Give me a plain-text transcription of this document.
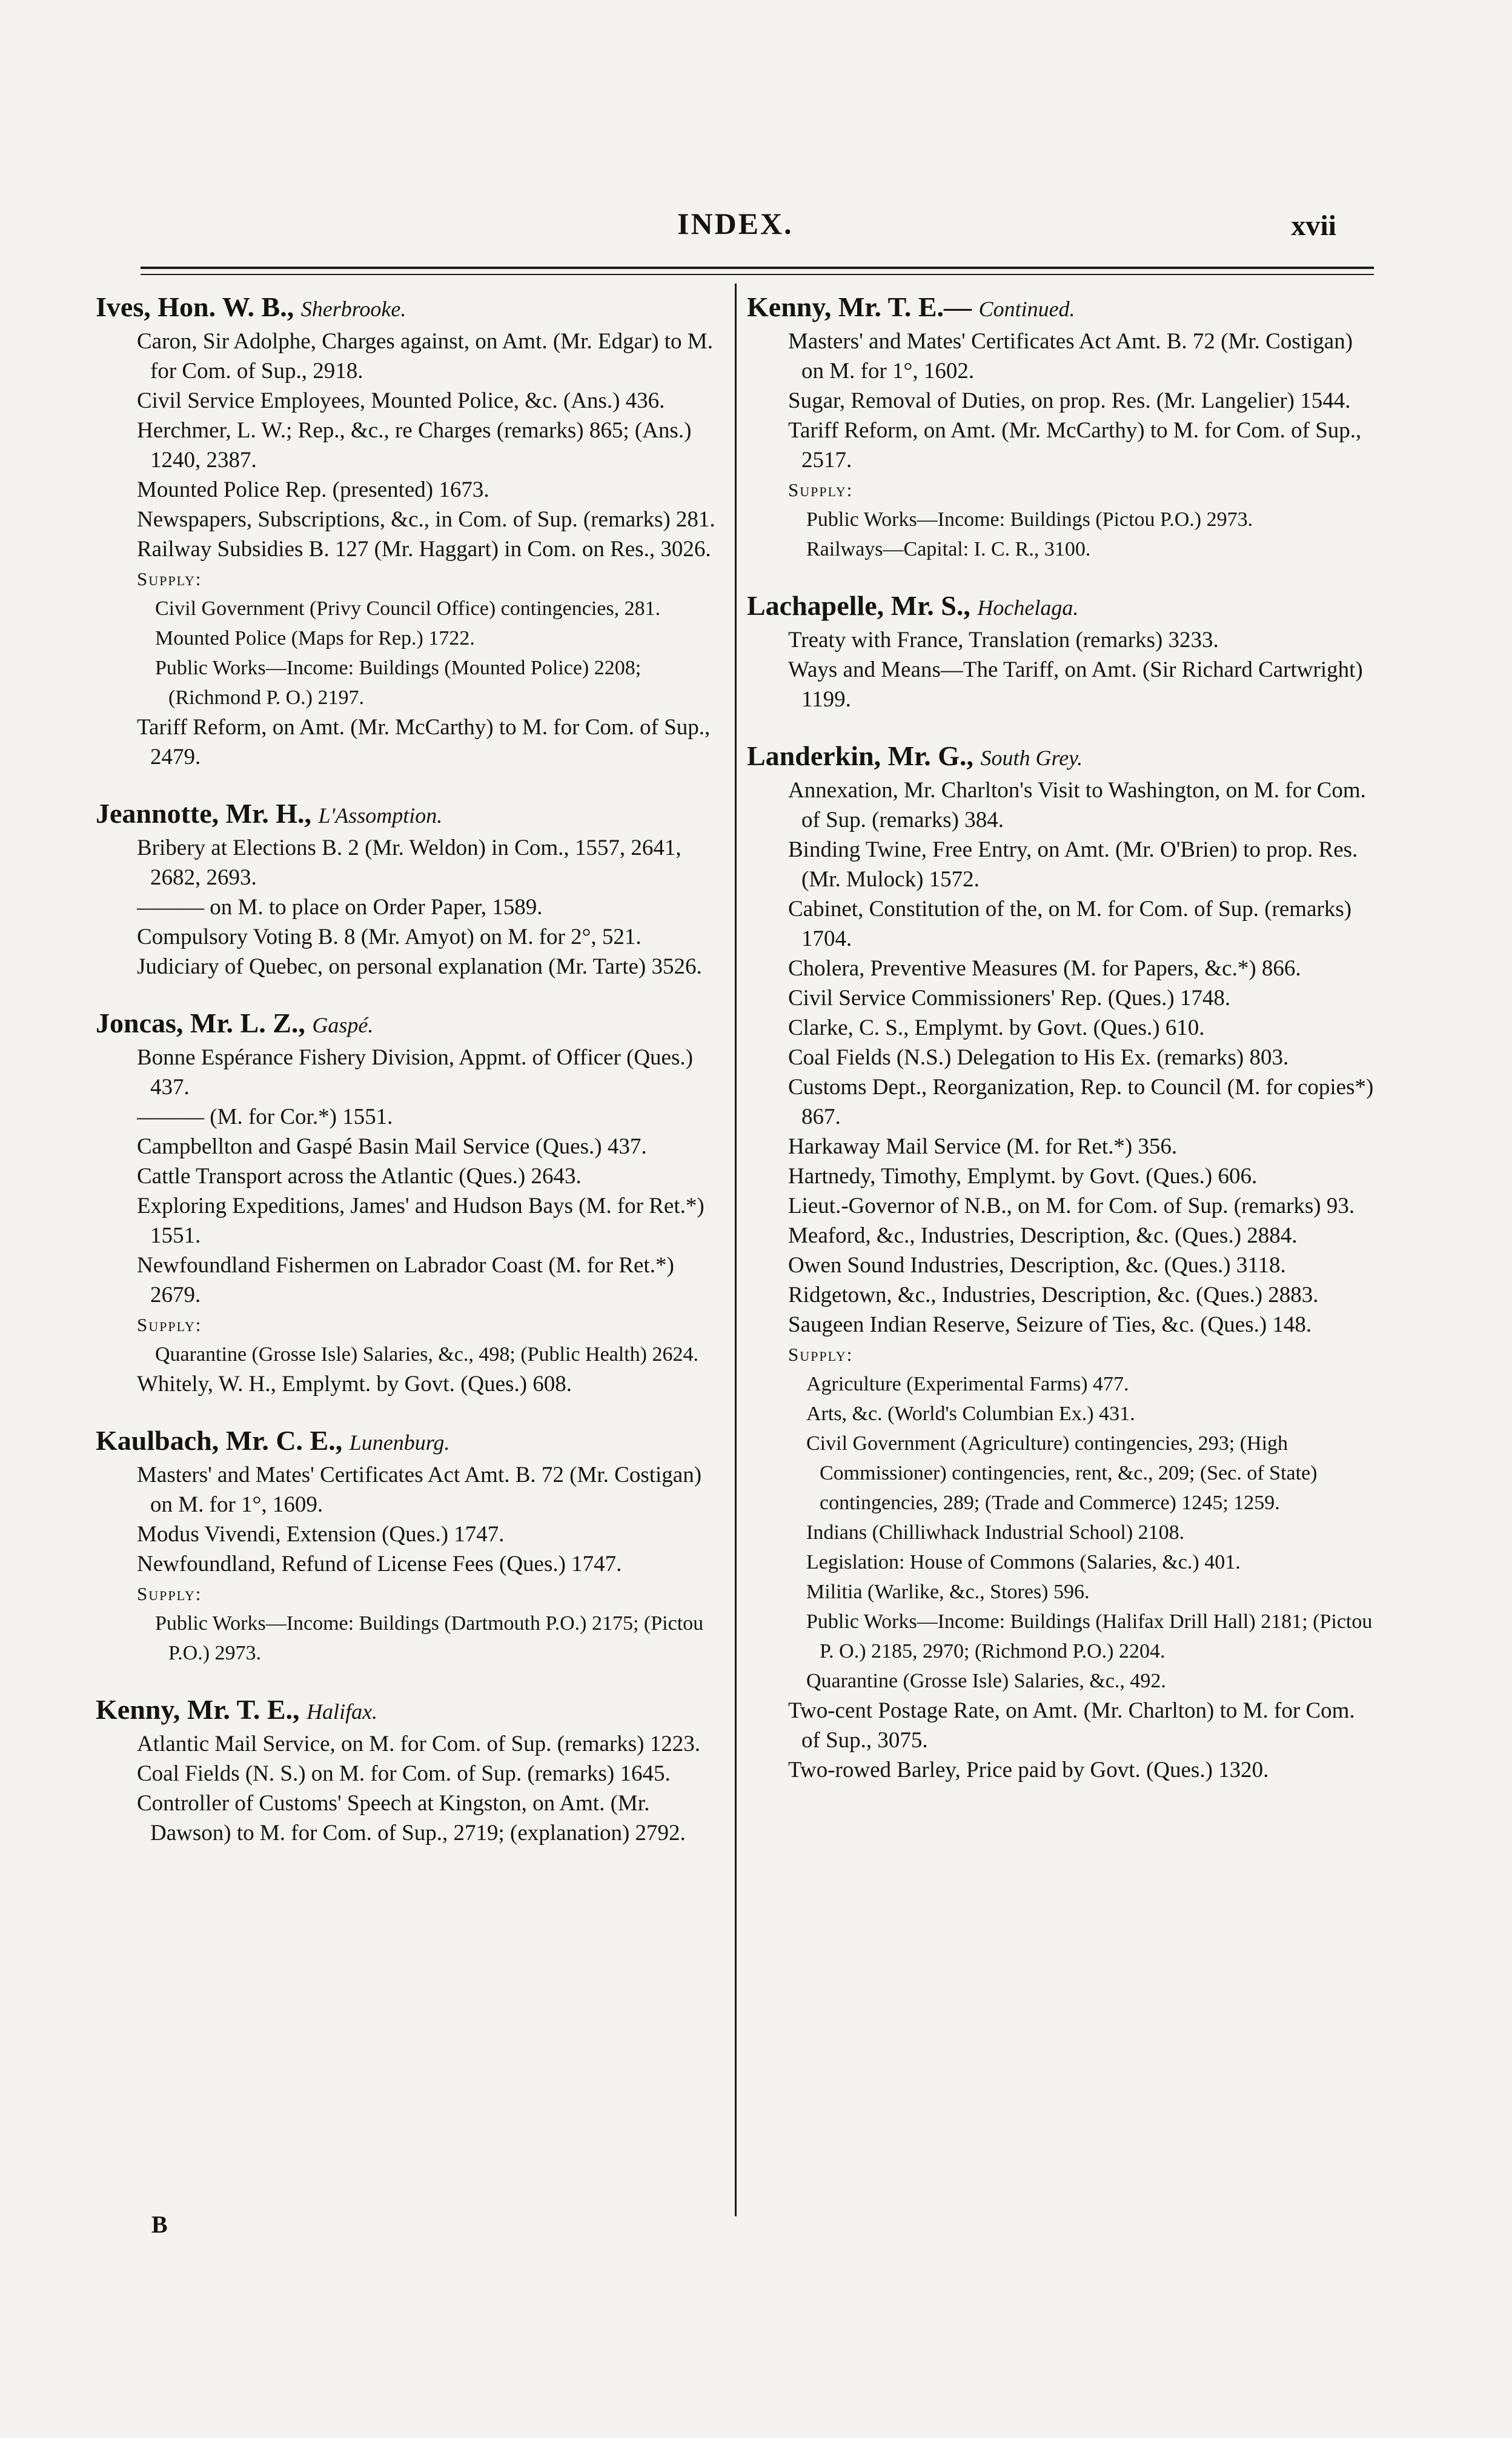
INDEX.	xvii
Ives, Hon. W. B., Sherbrooke.
Caron, Sir Adolphe, Charges against, on Amt. (Mr. Edgar) to M. for Com. of Sup., 2918.
Civil Service Employees, Mounted Police, &c. (Ans.) 436.
Herchmer, L. W.; Rep., &c., re Charges (remarks) 865; (Ans.) 1240, 2387.
Mounted Police Rep. (presented) 1673.
Newspapers, Subscriptions, &c., in Com. of Sup. (remarks) 281.
Railway Subsidies B. 127 (Mr. Haggart) in Com. on Res., 3026.
Supply:
Civil Government (Privy Council Office) contingencies, 281.
Mounted Police (Maps for Rep.) 1722.
Public Works—Income: Buildings (Mounted Police) 2208; (Richmond P. O.) 2197.
Tariff Reform, on Amt. (Mr. McCarthy) to M. for Com. of Sup., 2479.
Jeannotte, Mr. H., L'Assomption.
Bribery at Elections B. 2 (Mr. Weldon) in Com., 1557, 2641, 2682, 2693.
——— on M. to place on Order Paper, 1589.
Compulsory Voting B. 8 (Mr. Amyot) on M. for 2°, 521.
Judiciary of Quebec, on personal explanation (Mr. Tarte) 3526.
Joncas, Mr. L. Z., Gaspé.
Bonne Espérance Fishery Division, Appmt. of Officer (Ques.) 437.
——— (M. for Cor.*) 1551.
Campbellton and Gaspé Basin Mail Service (Ques.) 437.
Cattle Transport across the Atlantic (Ques.) 2643.
Exploring Expeditions, James' and Hudson Bays (M. for Ret.*) 1551.
Newfoundland Fishermen on Labrador Coast (M. for Ret.*) 2679.
Supply:
Quarantine (Grosse Isle) Salaries, &c., 498; (Public Health) 2624.
Whitely, W. H., Emplymt. by Govt. (Ques.) 608.
Kaulbach, Mr. C. E., Lunenburg.
Masters' and Mates' Certificates Act Amt. B. 72 (Mr. Costigan) on M. for 1°, 1609.
Modus Vivendi, Extension (Ques.) 1747.
Newfoundland, Refund of License Fees (Ques.) 1747.
Supply:
Public Works—Income: Buildings (Dartmouth P.O.) 2175; (Pictou P.O.) 2973.
Kenny, Mr. T. E., Halifax.
Atlantic Mail Service, on M. for Com. of Sup. (remarks) 1223.
Coal Fields (N. S.) on M. for Com. of Sup. (remarks) 1645.
Controller of Customs' Speech at Kingston, on Amt. (Mr. Dawson) to M. for Com. of Sup., 2719; (explanation) 2792.
Kenny, Mr. T. E.— Continued.
Masters' and Mates' Certificates Act Amt. B. 72 (Mr. Costigan) on M. for 1°, 1602.
Sugar, Removal of Duties, on prop. Res. (Mr. Langelier) 1544.
Tariff Reform, on Amt. (Mr. McCarthy) to M. for Com. of Sup., 2517.
Supply:
Public Works—Income: Buildings (Pictou P.O.) 2973.
Railways—Capital: I. C. R., 3100.
Lachapelle, Mr. S., Hochelaga.
Treaty with France, Translation (remarks) 3233.
Ways and Means—The Tariff, on Amt. (Sir Richard Cartwright) 1199.
Landerkin, Mr. G., South Grey.
Annexation, Mr. Charlton's Visit to Washington, on M. for Com. of Sup. (remarks) 384.
Binding Twine, Free Entry, on Amt. (Mr. O'Brien) to prop. Res. (Mr. Mulock) 1572.
Cabinet, Constitution of the, on M. for Com. of Sup. (remarks) 1704.
Cholera, Preventive Measures (M. for Papers, &c.*) 866.
Civil Service Commissioners' Rep. (Ques.) 1748.
Clarke, C. S., Emplymt. by Govt. (Ques.) 610.
Coal Fields (N.S.) Delegation to His Ex. (remarks) 803.
Customs Dept., Reorganization, Rep. to Council (M. for copies*) 867.
Harkaway Mail Service (M. for Ret.*) 356.
Hartnedy, Timothy, Emplymt. by Govt. (Ques.) 606.
Lieut.-Governor of N.B., on M. for Com. of Sup. (remarks) 93.
Meaford, &c., Industries, Description, &c. (Ques.) 2884.
Owen Sound Industries, Description, &c. (Ques.) 3118.
Ridgetown, &c., Industries, Description, &c. (Ques.) 2883.
Saugeen Indian Reserve, Seizure of Ties, &c. (Ques.) 148.
Supply:
Agriculture (Experimental Farms) 477.
Arts, &c. (World's Columbian Ex.) 431.
Civil Government (Agriculture) contingencies, 293; (High Commissioner) contingencies, rent, &c., 209; (Sec. of State) contingencies, 289; (Trade and Commerce) 1245; 1259.
Indians (Chilliwhack Industrial School) 2108.
Legislation: House of Commons (Salaries, &c.) 401.
Militia (Warlike, &c., Stores) 596.
Public Works—Income: Buildings (Halifax Drill Hall) 2181; (Pictou P. O.) 2185, 2970; (Richmond P.O.) 2204.
Quarantine (Grosse Isle) Salaries, &c., 492.
Two-cent Postage Rate, on Amt. (Mr. Charlton) to M. for Com. of Sup., 3075.
Two-rowed Barley, Price paid by Govt. (Ques.) 1320.
B
